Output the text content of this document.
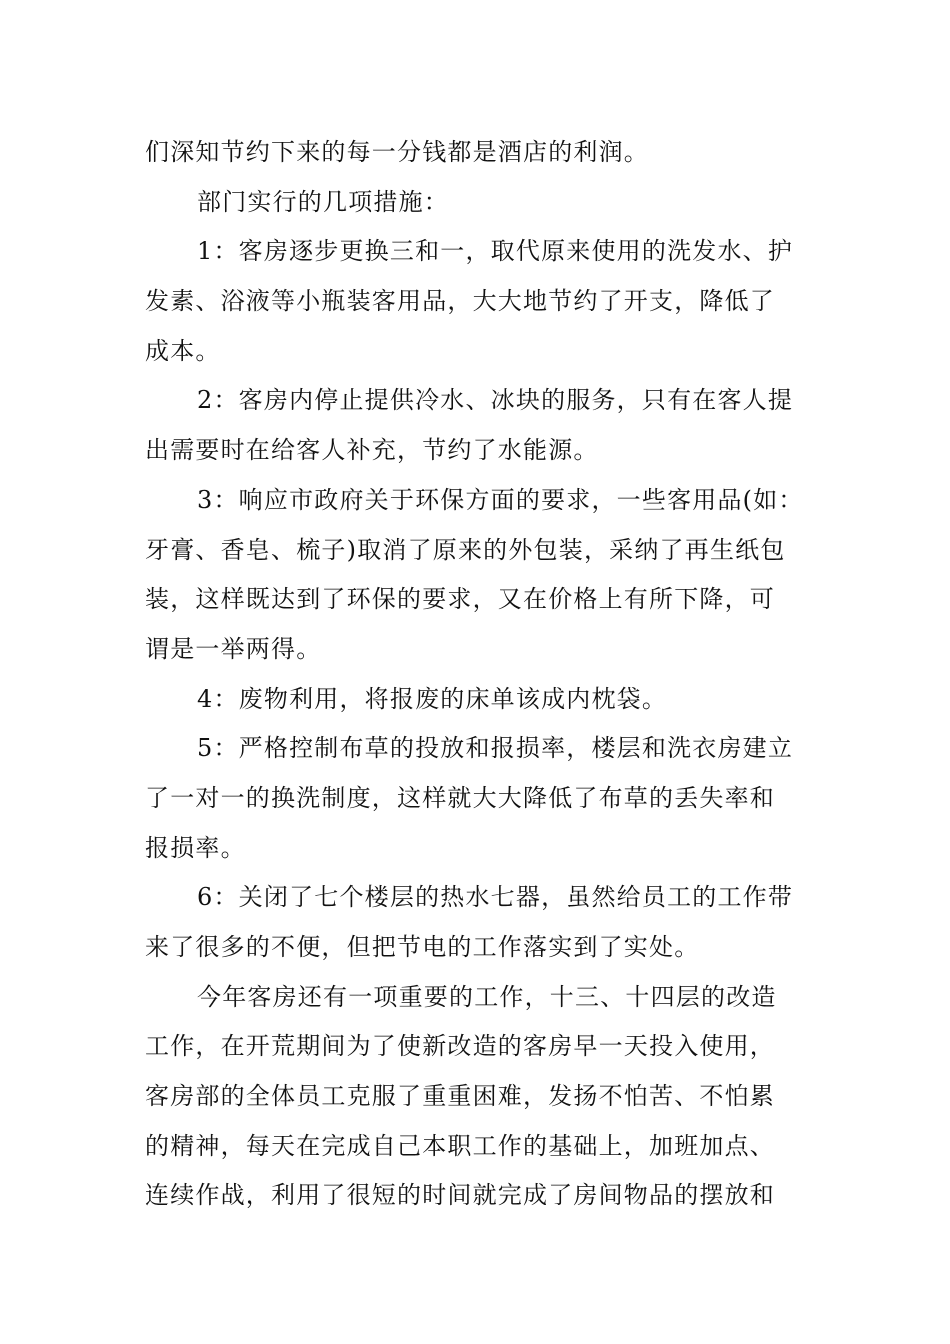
们深知节约下来的每一分钱都是酒店的利润。
部门实行的几项措施：
1：客房逐步更换三和一，取代原来使用的洗发水、护
发素、浴液等小瓶装客用品，大大地节约了开支，降低了
成本。
2：客房内停止提供冷水、冰块的服务，只有在客人提
出需要时在给客人补充，节约了水能源。
3：响应市政府关于环保方面的要求，一些客用品(如：
牙膏、香皂、梳子)取消了原来的外包装，采纳了再生纸包
装，这样既达到了环保的要求，又在价格上有所下降，可
谓是一举两得。
4：废物利用，将报废的床单该成内枕袋。
5：严格控制布草的投放和报损率，楼层和洗衣房建立
了一对一的换洗制度，这样就大大降低了布草的丢失率和
报损率。
6：关闭了七个楼层的热水七器，虽然给员工的工作带
来了很多的不便，但把节电的工作落实到了实处。
今年客房还有一项重要的工作，十三、十四层的改造
工作，在开荒期间为了使新改造的客房早一天投入使用，
客房部的全体员工克服了重重困难，发扬不怕苦、不怕累
的精神，每天在完成自己本职工作的基础上，加班加点、
连续作战，利用了很短的时间就完成了房间物品的摆放和
